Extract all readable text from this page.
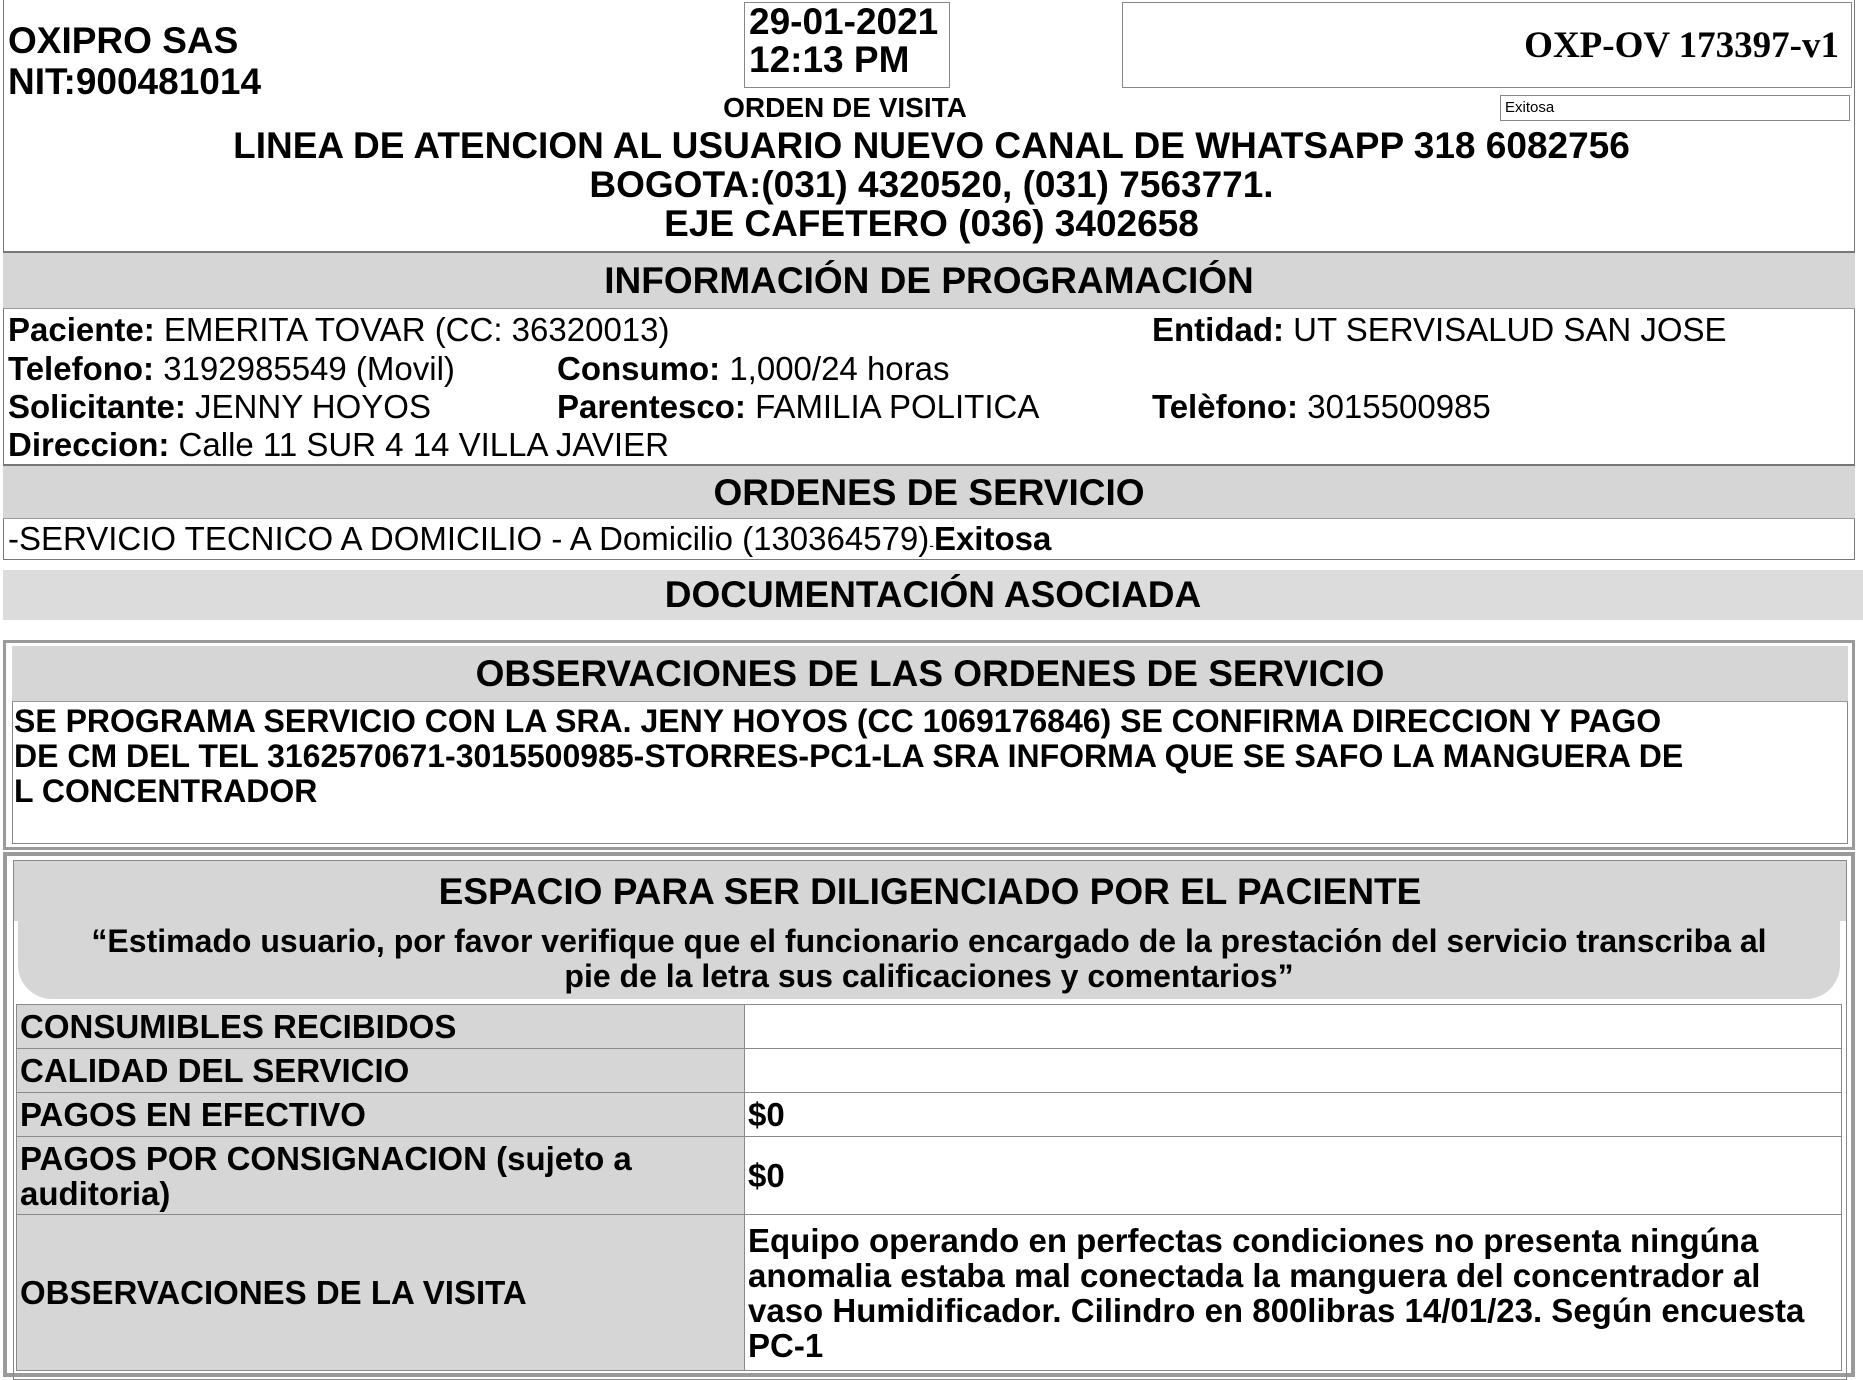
OXIPRO SAS
NIT:900481014
29-01-2021
12:13 PM
ORDEN DE VISITA
OXP-OV 173397-v1
Exitosa
LINEA DE ATENCION AL USUARIO NUEVO CANAL DE WHATSAPP 318 6082756
BOGOTA:(031) 4320520, (031) 7563771.
EJE CAFETERO (036) 3402658
INFORMACIÓN DE PROGRAMACIÓN
Paciente: EMERITA TOVAR (CC: 36320013)	Entidad: UT SERVISALUD SAN JOSE
Telefono: 3192985549 (Movil)	Consumo: 1,000/24 horas
Solicitante: JENNY HOYOS	Parentesco: FAMILIA POLITICA	Telèfono: 3015500985
Direccion: Calle 11 SUR 4 14 VILLA JAVIER
ORDENES DE SERVICIO
-SERVICIO TECNICO A DOMICILIO - A Domicilio (130364579)-Exitosa
DOCUMENTACIÓN ASOCIADA
OBSERVACIONES DE LAS ORDENES DE SERVICIO
SE PROGRAMA SERVICIO CON LA SRA. JENY HOYOS (CC 1069176846) SE CONFIRMA DIRECCION Y PAGO
DE CM DEL TEL 3162570671-3015500985-STORRES-PC1-LA SRA INFORMA QUE SE SAFO LA MANGUERA DE
L CONCENTRADOR
ESPACIO PARA SER DILIGENCIADO POR EL PACIENTE
“Estimado usuario, por favor verifique que el funcionario encargado de la prestación del servicio transcriba al
pie de la letra sus calificaciones y comentarios”
CONSUMIBLES RECIBIDOS	
CALIDAD DEL SERVICIO	
PAGOS EN EFECTIVO	$0
PAGOS POR CONSIGNACION (sujeto a auditoria)	$0
OBSERVACIONES DE LA VISITA	Equipo operando en perfectas condiciones no presenta ningúna anomalia estaba mal conectada la manguera del concentrador al vaso Humidificador. Cilindro en 800libras 14/01/23. Según encuesta PC-1
